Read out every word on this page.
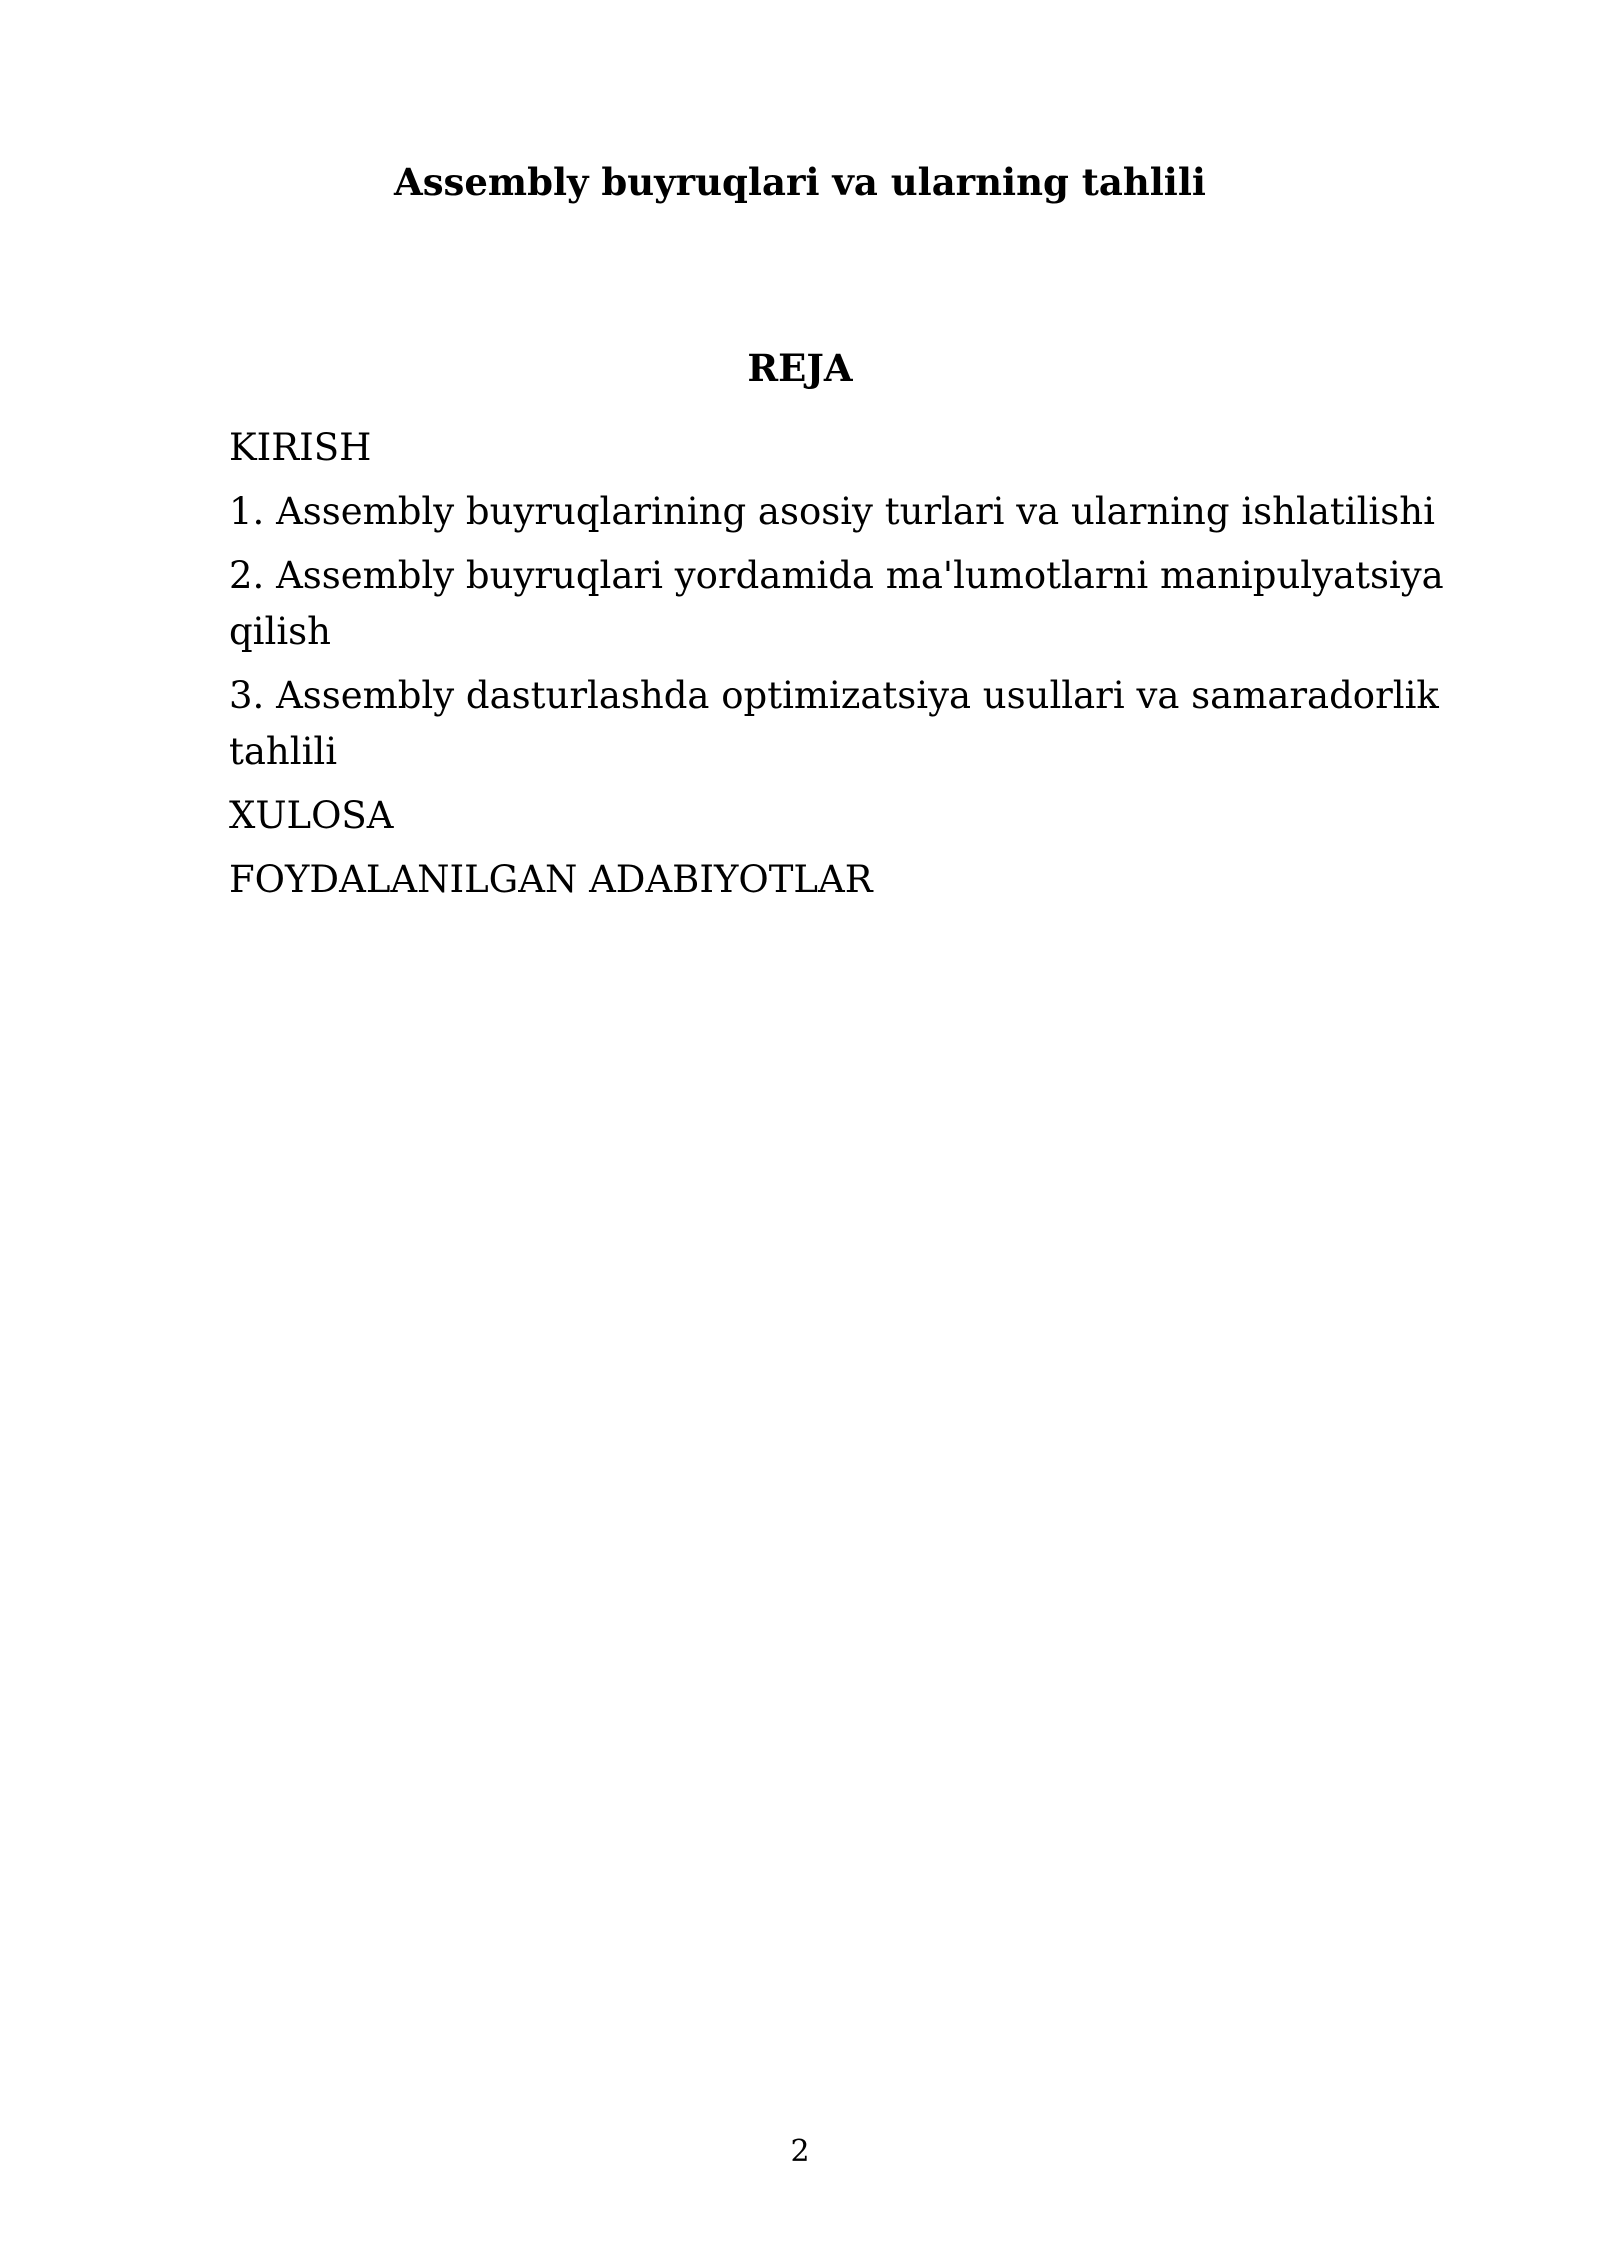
Assembly buyruqlari va ularning tahlili
REJA
KIRISH
1. Assembly buyruqlarining asosiy turlari va ularning ishlatilishi
2. Assembly buyruqlari yordamida ma'lumotlarni manipulyatsiya qilish
3. Assembly dasturlashda optimizatsiya usullari va samaradorlik tahlili
XULOSA
FOYDALANILGAN ADABIYOTLAR
2
